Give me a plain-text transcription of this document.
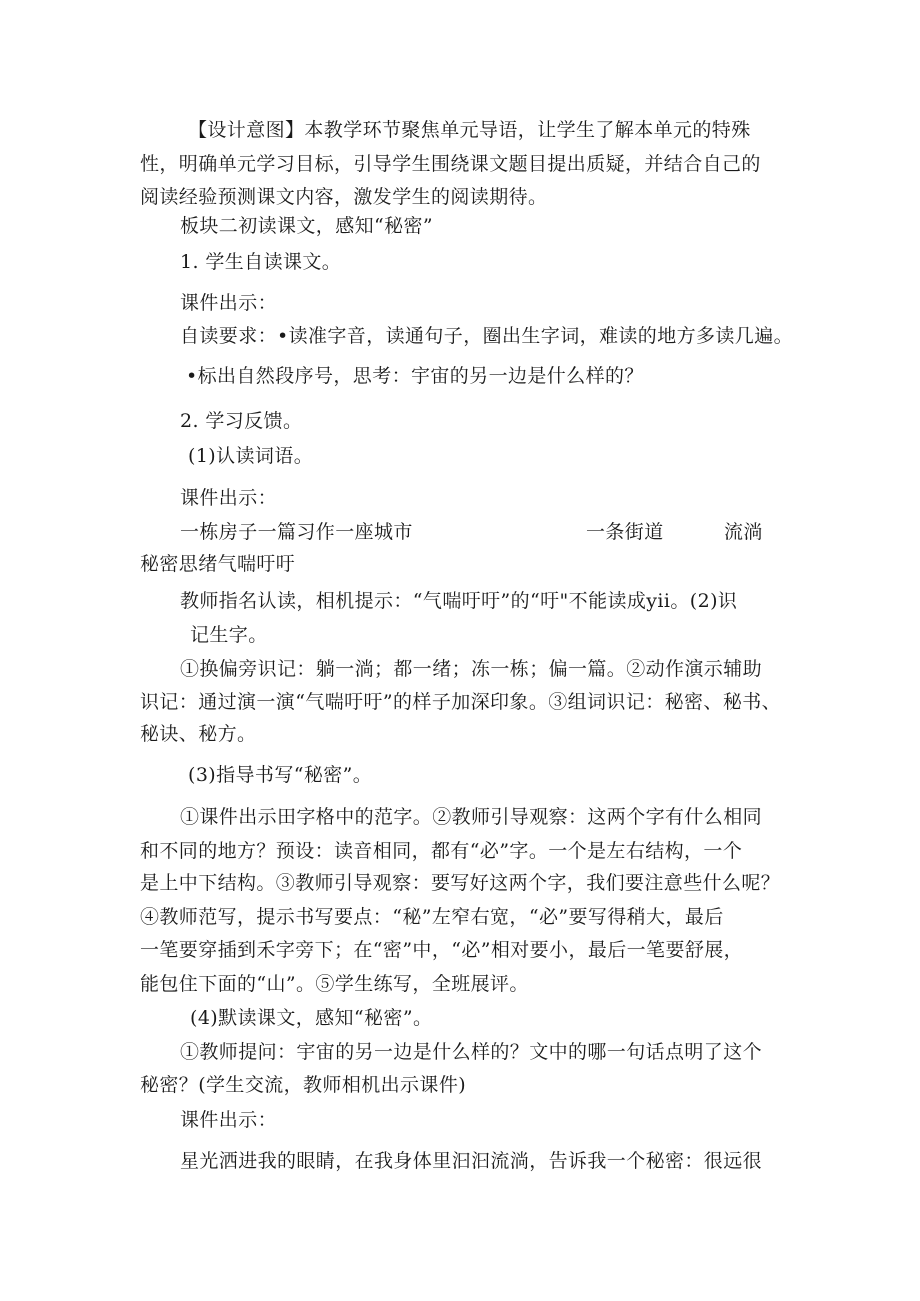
【设计意图】本教学环节聚焦单元导语，让学生了解本单元的特殊
性，明确单元学习目标，引导学生围绕课文题目提出质疑，并结合自己的
阅读经验预测课文内容，激发学生的阅读期待。
板块二初读课文，感知“秘密”
1. 学生自读课文。
课件出示：
自读要求：•读准字音，读通句子，圈出生字词，难读的地方多读几遍。
•标出自然段序号，思考：宇宙的另一边是什么样的？
2. 学习反馈。
(1)认读词语。
课件出示：
一栋房子一篇习作一座城市	一条街道	流淌
秘密思绪气喘吁吁
教师指名认读，相机提示：“气喘吁吁”的“吁"不能读成yii。(2)识
记生字。
①换偏旁识记：躺一淌；都一绪；冻一栋；偏一篇。②动作演示辅助
识记：通过演一演“气喘吁吁”的样子加深印象。③组词识记：秘密、秘书、
秘诀、秘方。
(3)指导书写“秘密”。
①课件出示田字格中的范字。②教师引导观察：这两个字有什么相同
和不同的地方？预设：读音相同，都有“必”字。一个是左右结构，一个
是上中下结构。③教师引导观察：要写好这两个字，我们要注意些什么呢？
④教师范写，提示书写要点：“秘”左窄右宽，“必”要写得稍大，最后
一笔要穿插到禾字旁下；在“密”中，“必”相对要小，最后一笔要舒展，
能包住下面的“山”。⑤学生练写，全班展评。
(4)默读课文，感知“秘密”。
①教师提问：宇宙的另一边是什么样的？文中的哪一句话点明了这个
秘密？(学生交流，教师相机出示课件)
课件出示：
星光洒进我的眼睛，在我身体里汩汩流淌，告诉我一个秘密：很远很
